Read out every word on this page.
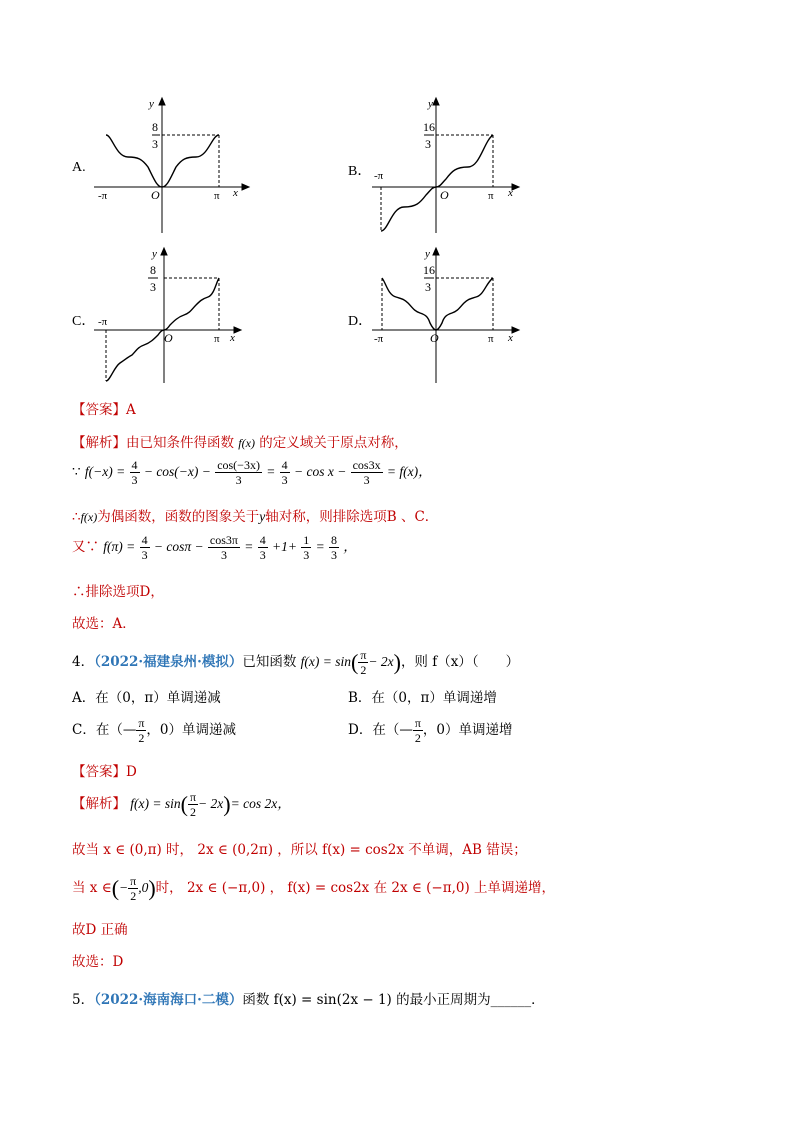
A.
y
x
O
-π	π
8
3
B．
y
x
O
-π
π
16
3
C．
y
x
O
-π
π
8
3
D．
y
x
O
-π	π
16
3
【答案】A
【解析】由已知条件得函数 f(x) 的定义域关于原点对称，
∵ $f(-x) = \frac{4}{3} - \cos(-x) - \frac{\cos(-3x)}{3} = \frac{4}{3} - \cos x - \frac{\cos 3x}{3} = f(x)$，
∴f(x)为偶函数，函数的图象关于y轴对称，则排除选项B 、C．
又∵ $f(\pi) = \frac{4}{3} - \cos\pi - \frac{\cos 3\pi}{3} = \frac{4}{3} +1+ \frac{1}{3} = \frac{8}{3}$ ，
∴排除选项D，
故选：A．
4．（2022·福建泉州·模拟）已知函数 $f(x) = \sin( \frac{\pi}{2} - 2x)$，则 f（x）（　　）
A．在（0，π）单调递减	B．在（0，π）单调递增
C．在（— $\frac{\pi}{2}$ ，0）单调递减	D．在（— $\frac{\pi}{2}$ ，0）单调递增
【答案】D
【解析】 $f(x) = \sin( \frac{\pi}{2} - 2x)= \cos 2x$，
故当 x ∈ (0,π) 时， 2x ∈ (0,2π) ，所以 f(x) = cos2x 不单调，AB 错误；
当 x ∈(− $\frac{\pi}{2} ,0$)时， 2x ∈ (−π,0) ， f(x) = cos2x 在 2x ∈ (−π,0) 上单调递增，
故D 正确
故选：D
5．（2022·海南海口·二模）函数 f(x) = sin(2x − 1) 的最小正周期为______．
